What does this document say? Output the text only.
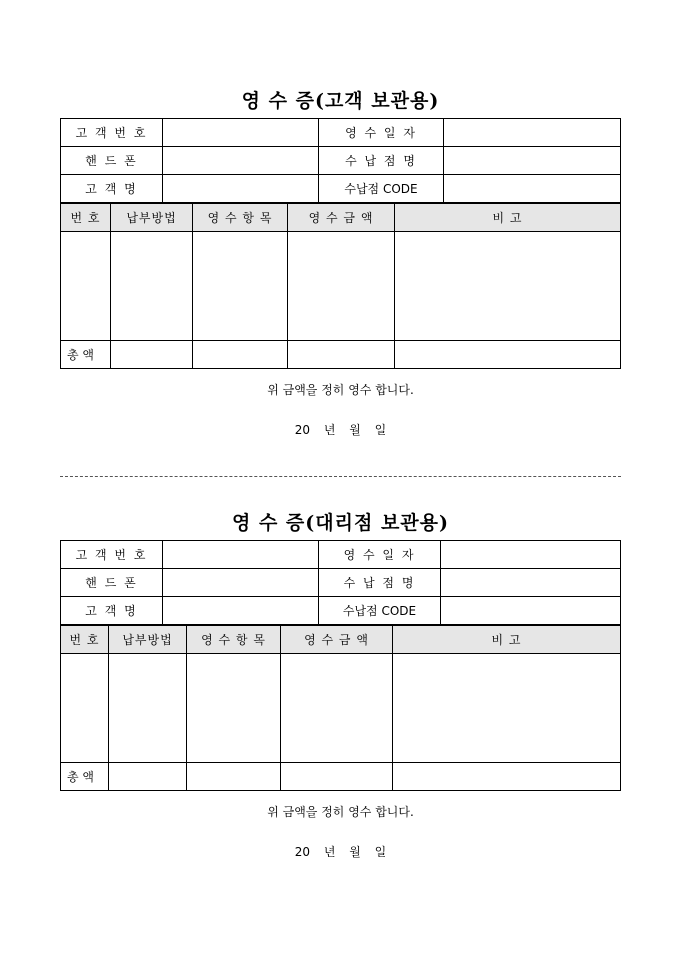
영 수 증(고객 보관용)
고 객 번 호		영 수 일 자	
핸 드 폰		수 납 점 명	
고 객 명		수납점 CODE	
번 호	납부방법	영 수 항 목	영 수 금 액	비 고

총 액				
위 금액을 정히 영수 합니다.
20 년 월 일
영 수 증(대리점 보관용)
고 객 번 호		영 수 일 자	
핸 드 폰		수 납 점 명	
고 객 명		수납점 CODE	
번 호	납부방법	영 수 항 목	영 수 금 액	비 고

총 액				
위 금액을 정히 영수 합니다.
20 년 월 일
